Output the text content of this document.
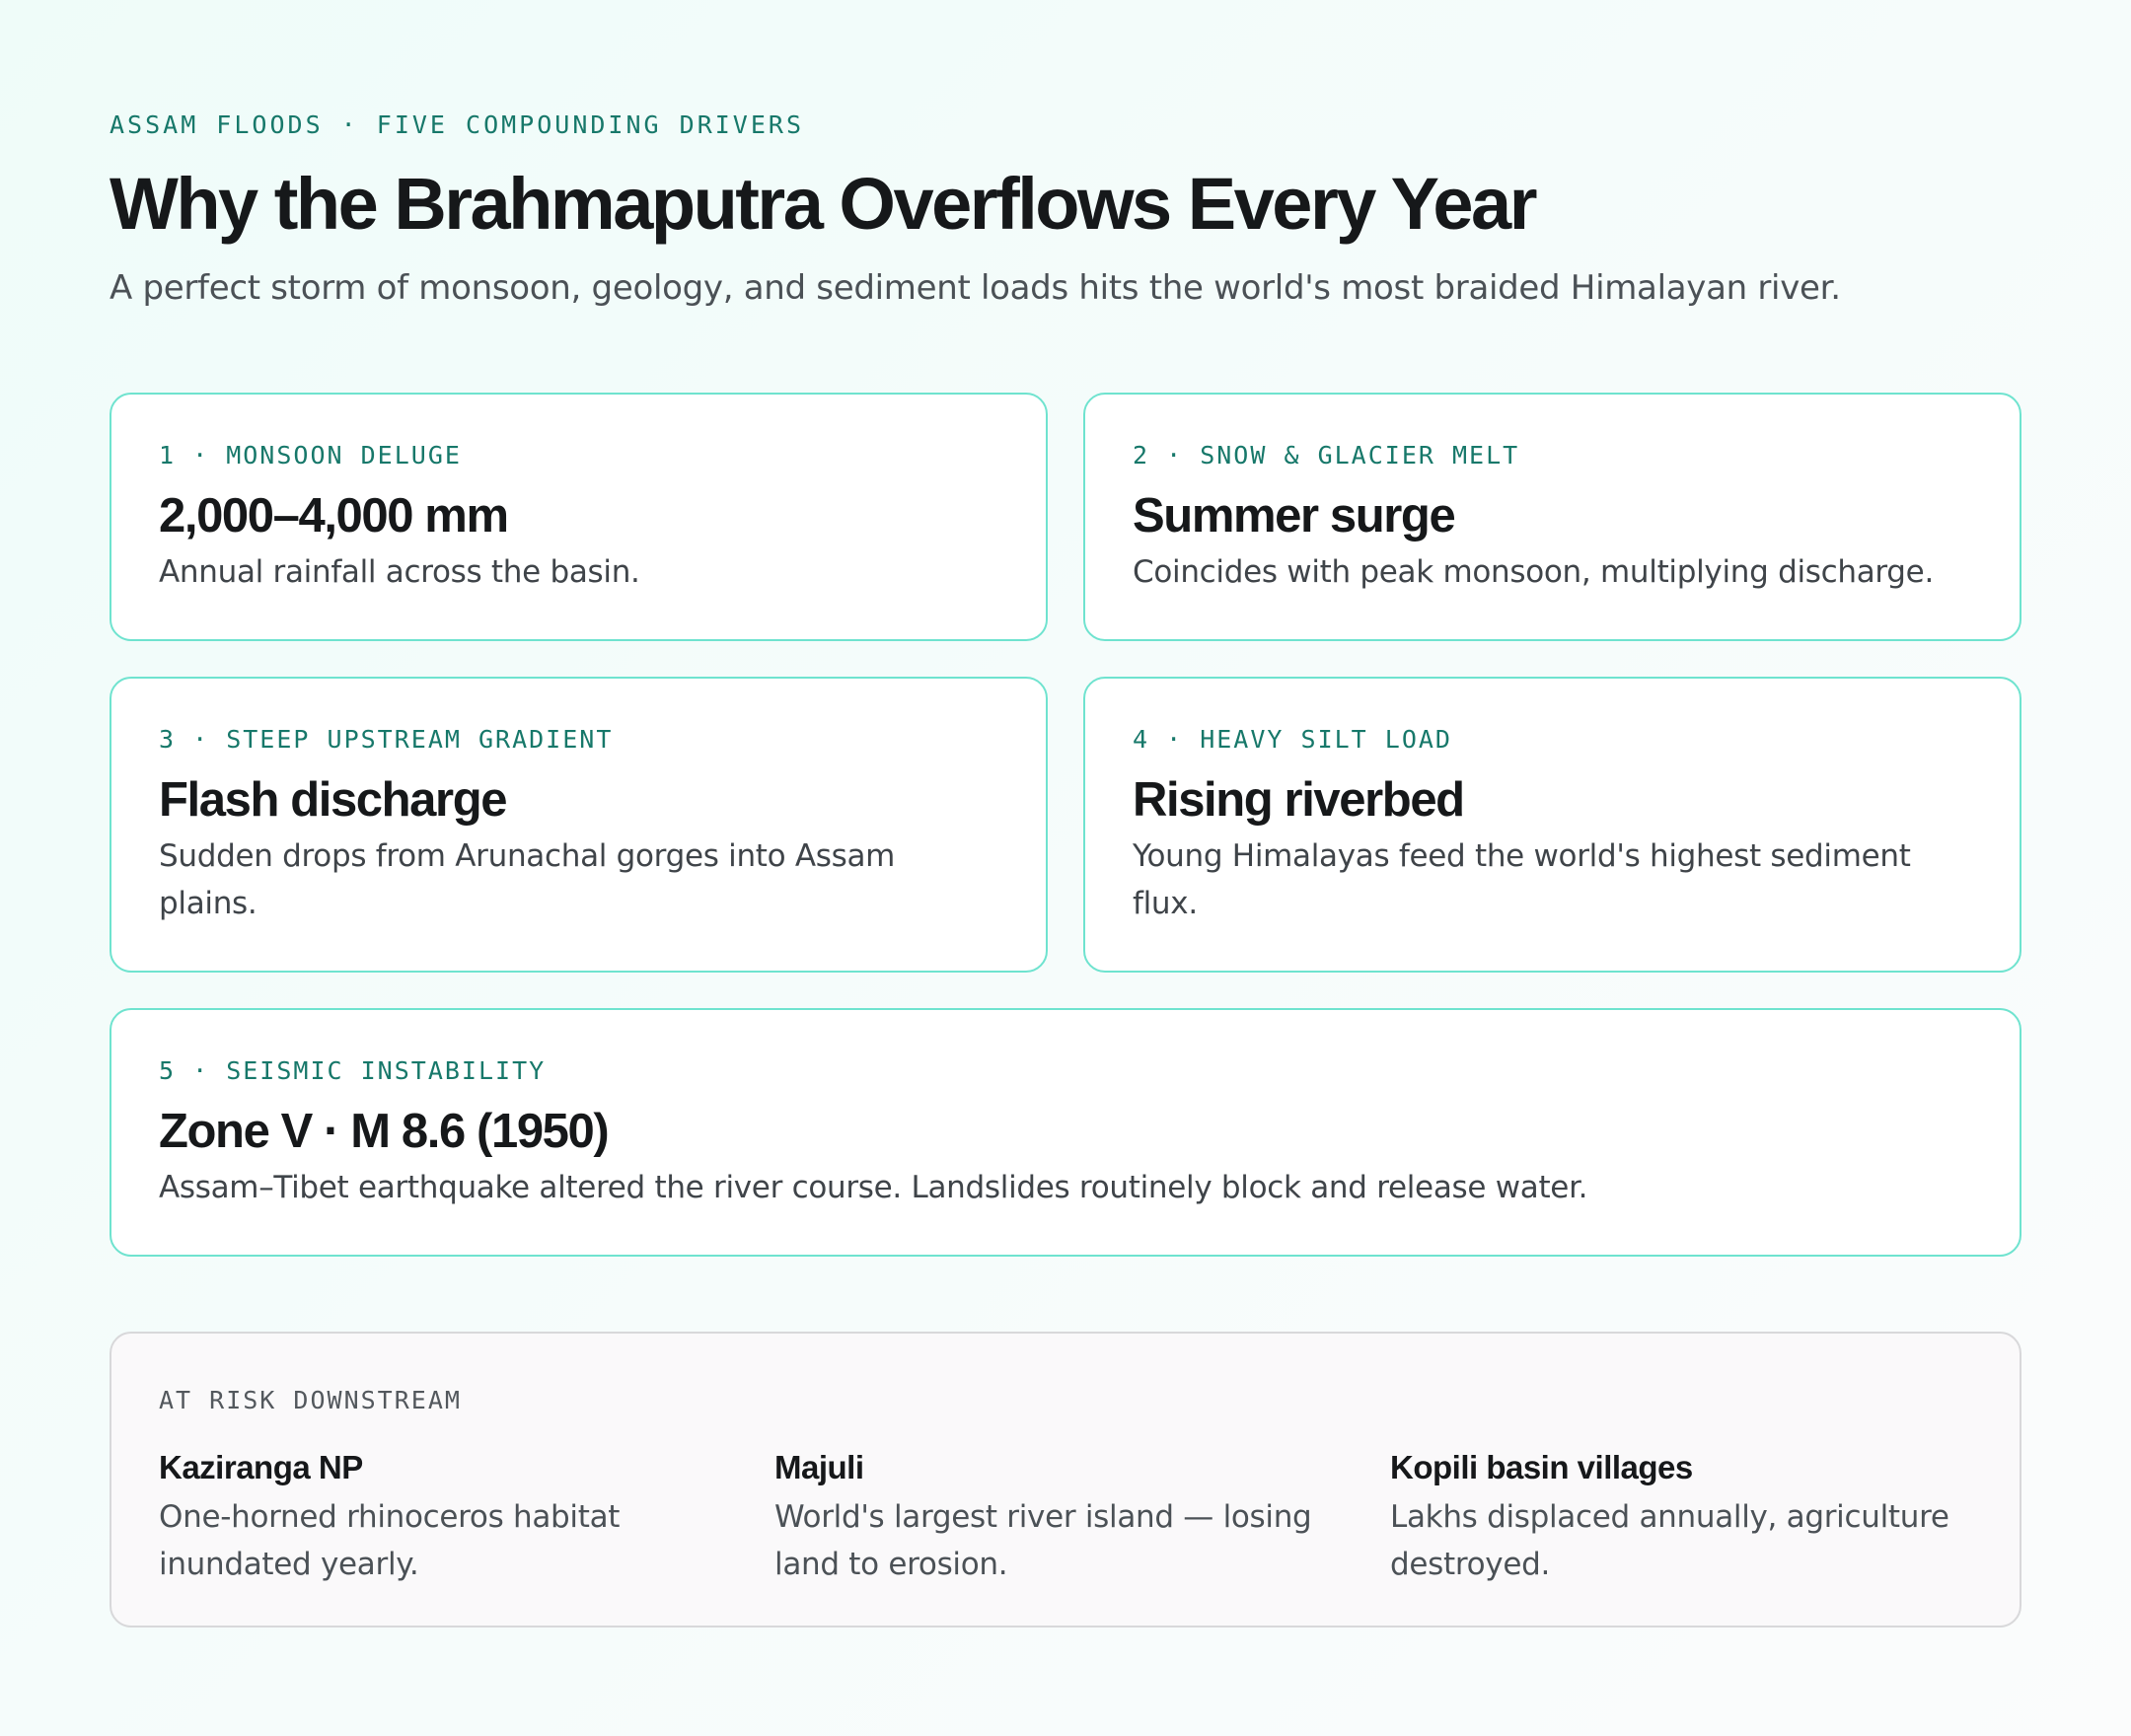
ASSAM FLOODS · FIVE COMPOUNDING DRIVERS
Why the Brahmaputra Overflows Every Year

A perfect storm of monsoon, geology, and sediment loads hits the world's most braided Himalayan river.

1 · MONSOON DELUGE
2,000–4,000 mm
Annual rainfall across the basin.
2 · SNOW & GLACIER MELT
Summer surge
Coincides with peak monsoon, multiplying discharge.
3 · STEEP UPSTREAM GRADIENT
Flash discharge
Sudden drops from Arunachal gorges into Assam plains.
4 · HEAVY SILT LOAD
Rising riverbed
Young Himalayas feed the world's highest sediment flux.
5 · SEISMIC INSTABILITY
Zone V · M 8.6 (1950)
Assam–Tibet earthquake altered the river course. Landslides routinely block and release water.
AT RISK DOWNSTREAM
Kaziranga NP
One-horned rhinoceros habitat inundated yearly.
Majuli
World's largest river island — losing land to erosion.
Kopili basin villages
Lakhs displaced annually, agriculture destroyed.
